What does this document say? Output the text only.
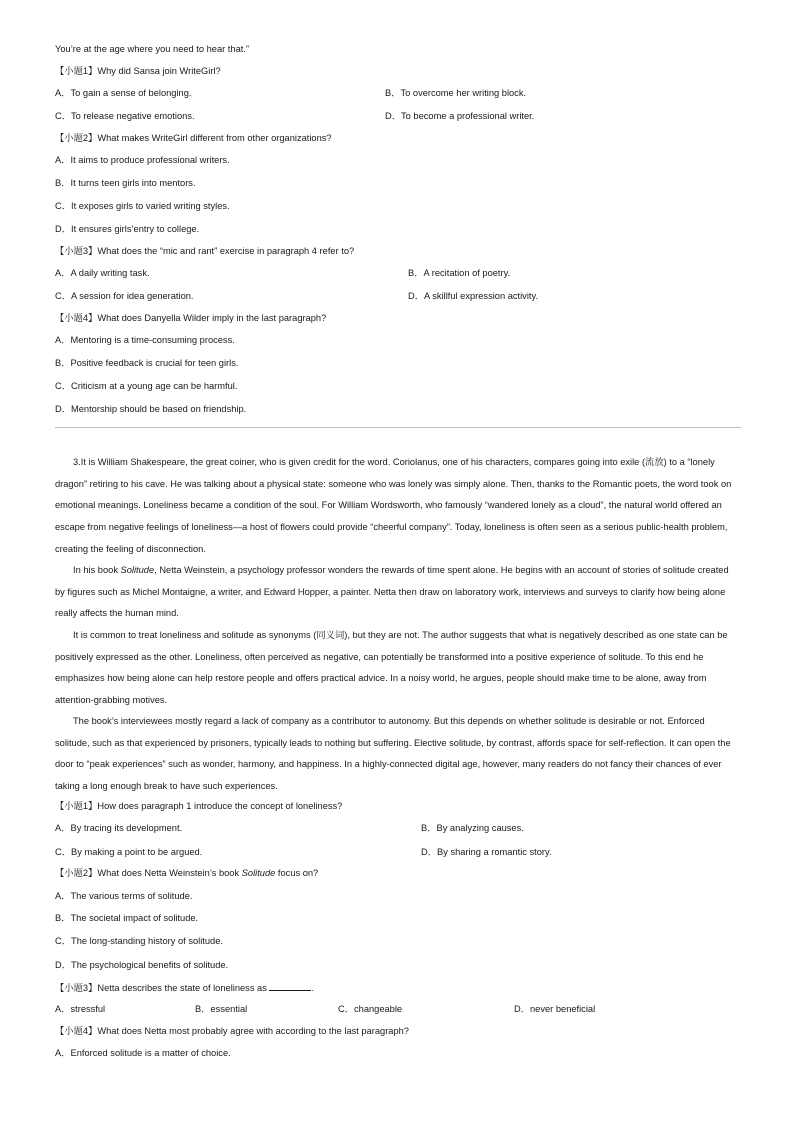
You’re at the age where you need to hear that.”
【小题1】Why did Sansa join WriteGirl?
A．To gain a sense of belonging.	B．To overcome her writing block.
C．To release negative emotions.	D．To become a professional writer.
【小题2】What makes WriteGirl different from other organizations?
A．It aims to produce professional writers.
B．It turns teen girls into mentors.
C．It exposes girls to varied writing styles.
D．It ensures girls’entry to college.
【小题3】What does the “mic and rant” exercise in paragraph 4 refer to?
A．A daily writing task.	B．A recitation of poetry.
C．A session for idea generation.	D．A skillful expression activity.
【小题4】What does Danyella Wilder imply in the last paragraph?
A．Mentoring is a time-consuming process.
B．Positive feedback is crucial for teen girls.
C．Criticism at a young age can be harmful.
D．Mentorship should be based on friendship.
3.It is William Shakespeare, the great coiner, who is given credit for the word. Coriolanus, one of his characters, compares going into exile (流放) to a “lonely dragon” retiring to his cave. He was talking about a physical state: someone who was lonely was simply alone. Then, thanks to the Romantic poets, the word took on emotional meanings. Loneliness became a condition of the soul. For William Wordsworth, who famously “wandered lonely as a cloud”, the natural world offered an escape from negative feelings of loneliness—a host of flowers could provide “cheerful company”. Today, loneliness is often seen as a serious public-health problem, creating the feeling of disconnection.
In his book Solitude, Netta Weinstein, a psychology professor wonders the rewards of time spent alone. He begins with an account of stories of solitude created by figures such as Michel Montaigne, a writer, and Edward Hopper, a painter. Netta then draw on laboratory work, interviews and surveys to clarify how being alone really affects the human mind.
It is common to treat loneliness and solitude as synonyms (同义词), but they are not. The author suggests that what is negatively described as one state can be positively expressed as the other. Loneliness, often perceived as negative, can potentially be transformed into a positive experience of solitude. To this end he emphasizes how being alone can help restore people and offers practical advice. In a noisy world, he argues, people should make time to be alone, away from attention-grabbing motives.
The book’s interviewees mostly regard a lack of company as a contributor to autonomy. But this depends on whether solitude is desirable or not. Enforced solitude, such as that experienced by prisoners, typically leads to nothing but suffering. Elective solitude, by contrast, affords space for self-reflection. It can open the door to “peak experiences” such as wonder, harmony, and happiness. In a highly-connected digital age, however, many readers do not fancy their chances of ever taking a long enough break to have such experiences.
【小题1】How does paragraph 1 introduce the concept of loneliness?
A．By tracing its development.	B．By analyzing causes.
C．By making a point to be argued.	D．By sharing a romantic story.
【小题2】What does Netta Weinstein’s book Solitude focus on?
A．The various terms of solitude.
B．The societal impact of solitude.
C．The long-standing history of solitude.
D．The psychological benefits of solitude.
【小题3】Netta describes the state of loneliness as	.
A．stressful	B．essential	C．changeable	D．never beneficial
【小题4】What does Netta most probably agree with according to the last paragraph?
A．Enforced solitude is a matter of choice.
